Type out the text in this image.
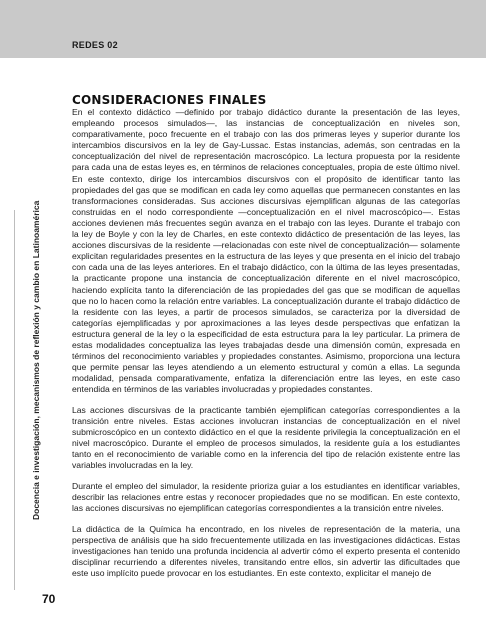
REDES 02
Docencia e investigación, mecanismos de reflexión y cambio en Latinoamérica
CONSIDERACIONES FINALES

En el contexto didáctico —definido por trabajo didáctico durante la presentación de las leyes, empleando procesos simulados—, las instancias de conceptualización en niveles son, comparativamente, poco frecuente en el trabajo con las dos primeras leyes y superior durante los intercambios discursivos en la ley de Gay-Lussac. Estas instancias, además, son centradas en la conceptualización del nivel de representación macroscópico. La lectura propuesta por la residente para cada una de estas leyes es, en términos de relaciones conceptuales, propia de este último nivel. En este contexto, dirige los intercambios discursivos con el propósito de identificar tanto las propiedades del gas que se modifican en cada ley como aquellas que permanecen constantes en las transformaciones consideradas. Sus acciones discursivas ejemplifican algunas de las categorías construidas en el nodo correspondiente —conceptualización en el nivel macroscópico—. Estas acciones devienen más frecuentes según avanza en el trabajo con las leyes. Durante el trabajo con la ley de Boyle y con la ley de Charles, en este contexto didáctico de presentación de las leyes, las acciones discursivas de la residente —relacionadas con este nivel de conceptualización— solamente explicitan regularidades presentes en la estructura de las leyes y que presenta en el inicio del trabajo con cada una de las leyes anteriores. En el trabajo didáctico, con la última de las leyes presentadas, la practicante propone una instancia de conceptualización diferente en el nivel macroscópico, haciendo explícita tanto la diferenciación de las propiedades del gas que se modifican de aquellas que no lo hacen como la relación entre variables. La conceptualización durante el trabajo didáctico de la residente con las leyes, a partir de procesos simulados, se caracteriza por la diversidad de categorías ejemplificadas y por aproximaciones a las leyes desde perspectivas que enfatizan la estructura general de la ley o la especificidad de esta estructura para la ley particular. La primera de estas modalidades conceptualiza las leyes trabajadas desde una dimensión común, expresada en términos del reconocimiento variables y propiedades constantes. Asimismo, proporciona una lectura que permite pensar las leyes atendiendo a un elemento estructural y común a ellas. La segunda modalidad, pensada comparativamente, enfatiza la diferenciación entre las leyes, en este caso entendida en términos de las variables involucradas y propiedades constantes.

Las acciones discursivas de la practicante también ejemplifican categorías correspondientes a la transición entre niveles. Estas acciones involucran instancias de conceptualización en el nivel submicroscópico en un contexto didáctico en el que la residente privilegia la conceptualización en el nivel macroscópico. Durante el empleo de procesos simulados, la residente guía a los estudiantes tanto en el reconocimiento de variable como en la inferencia del tipo de relación existente entre las variables involucradas en la ley.

Durante el empleo del simulador, la residente prioriza guiar a los estudiantes en identificar variables, describir las relaciones entre estas y reconocer propiedades que no se modifican. En este contexto, las acciones discursivas no ejemplifican categorías correspondientes a la transición entre niveles.

La didáctica de la Química ha encontrado, en los niveles de representación de la materia, una perspectiva de análisis que ha sido frecuentemente utilizada en las investigaciones didácticas. Estas investigaciones han tenido una profunda incidencia al advertir cómo el experto presenta el contenido disciplinar recurriendo a diferentes niveles, transitando entre ellos, sin advertir las dificultades que este uso implícito puede provocar en los estudiantes. En este contexto, explicitar el manejo de

70
